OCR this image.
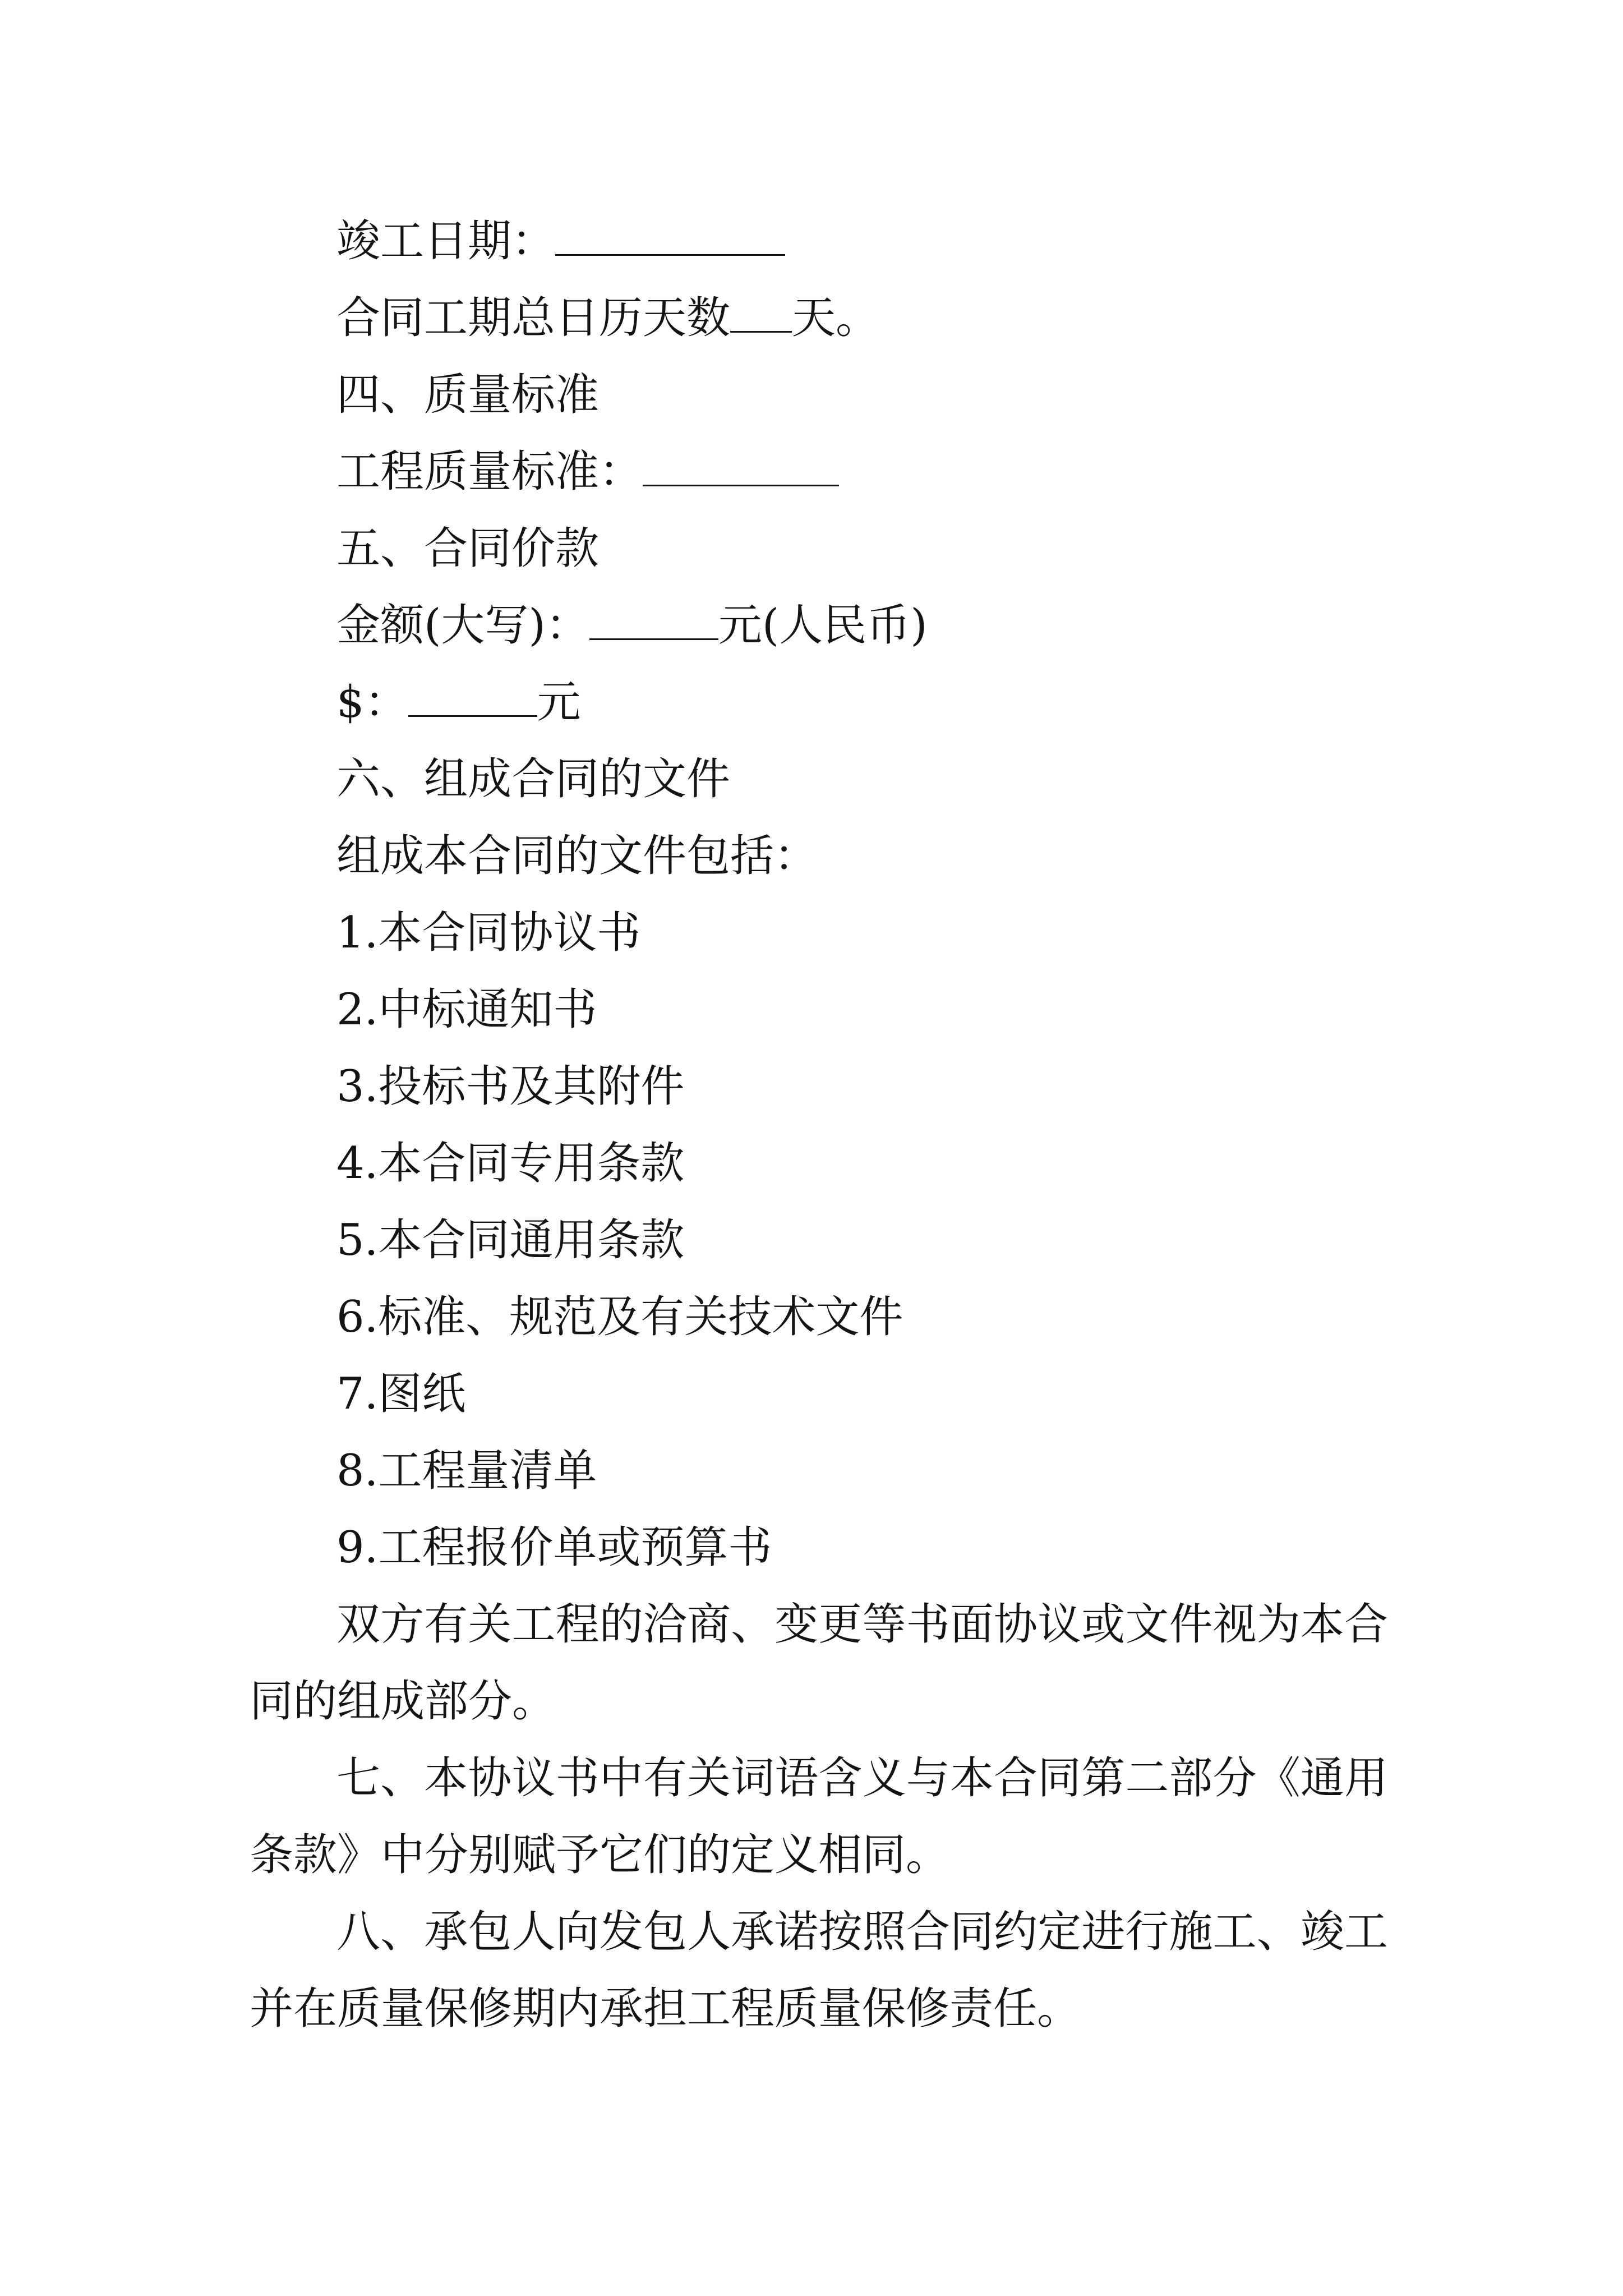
竣工日期：
合同工期总日历天数 天。
四、质量标准
工程质量标准：
五、合同价款
金额(大写)：	元(人民币)
$：	元
六、组成合同的文件
组成本合同的文件包括：
1.本合同协议书
2.中标通知书
3.投标书及其附件
4.本合同专用条款
5.本合同通用条款
6.标准、规范及有关技术文件
7.图纸
8.工程量清单
9.工程报价单或预算书
双方有关工程的洽商、变更等书面协议或文件视为本合同的组成部分。
七、本协议书中有关词语含义与本合同第二部分《通用条款》中分别赋予它们的定义相同。
八、承包人向发包人承诺按照合同约定进行施工、竣工并在质量保修期内承担工程质量保修责任。
